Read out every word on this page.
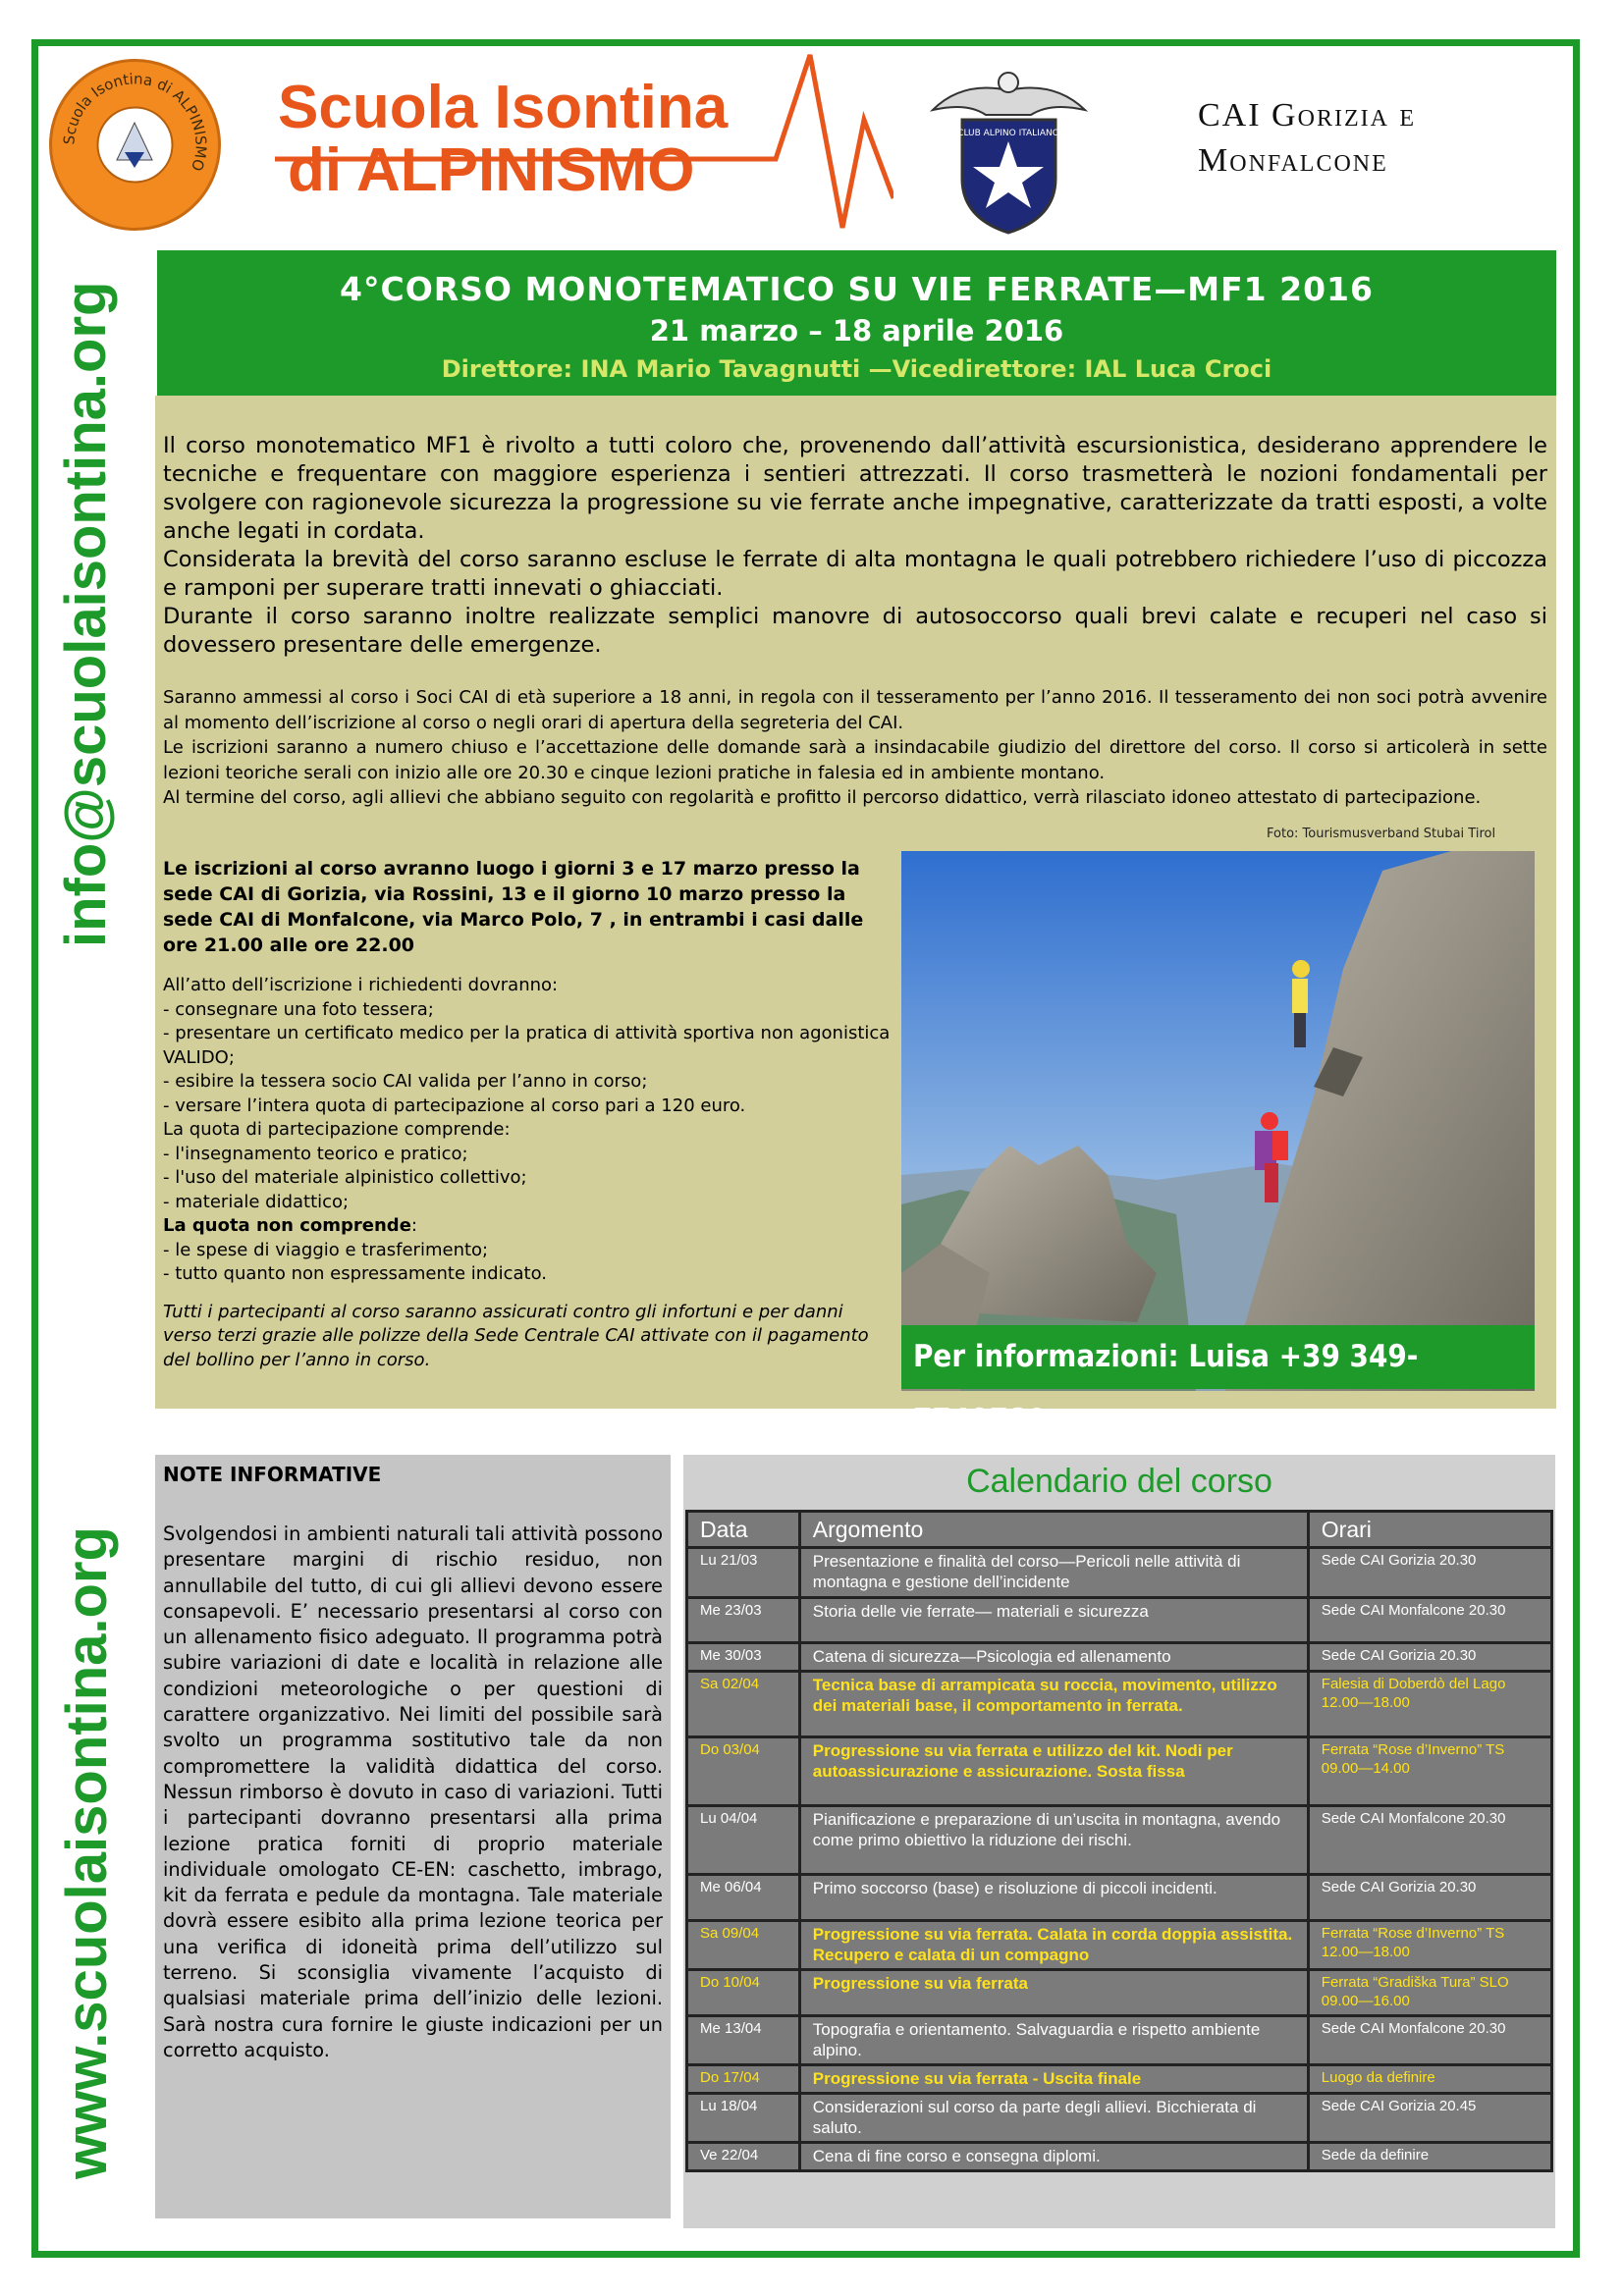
Scuola Isontina di ALPINISMO
Scuola Isontina
di ALPINISMO
CLUB ALPINO ITALIANO	CAI Gorizia e
Monfalcone
info@scuolaisontina.org
www.scuolaisontina.org
4°CORSO MONOTEMATICO SU VIE FERRATE—MF1 2016
21 marzo – 18 aprile 2016
Direttore: INA Mario Tavagnutti —Vicedirettore: IAL Luca Croci
Il corso monotematico MF1 è rivolto a tutti coloro che, provenendo dall’attività escursionistica, desiderano apprendere le tecniche e frequentare con maggiore esperienza i sentieri attrezzati. Il corso trasmetterà le nozioni fondamentali per svolgere con ragionevole sicurezza la progressione su vie ferrate anche impegnative, caratterizzate da tratti esposti, a volte anche legati in cordata.
Considerata la brevità del corso saranno escluse le ferrate di alta montagna le quali potrebbero richiedere l’uso di piccozza e ramponi per superare tratti innevati o ghiacciati.
Durante il corso saranno inoltre realizzate semplici manovre di autosoccorso quali brevi calate e recuperi nel caso si dovessero presentare delle emergenze.
Saranno ammessi al corso i Soci CAI di età superiore a 18 anni, in regola con il tesseramento per l’anno 2016. Il tesseramento dei non soci potrà avvenire al momento dell’iscrizione al corso o negli orari di apertura della segreteria del CAI.
Le iscrizioni saranno a numero chiuso e l’accettazione delle domande sarà a insindacabile giudizio del direttore del corso. Il corso si articolerà in sette lezioni teoriche serali con inizio alle ore 20.30 e cinque lezioni pratiche in falesia ed in ambiente montano.
Al termine del corso, agli allievi che abbiano seguito con regolarità e profitto il percorso didattico, verrà rilasciato idoneo attestato di partecipazione.
Foto: Tourismusverband Stubai Tirol
Le iscrizioni al corso avranno luogo i giorni 3 e 17 marzo presso la sede CAI di Gorizia, via Rossini, 13 e il giorno 10 marzo presso la sede CAI di Monfalcone, via Marco Polo, 7 , in entrambi i casi dalle ore 21.00 alle ore 22.00
All’atto dell’iscrizione i richiedenti dovranno:
- consegnare una foto tessera;
- presentare un certificato medico per la pratica di attività sportiva non agonistica VALIDO;
- esibire la tessera socio CAI valida per l’anno in corso;
- versare l’intera quota di partecipazione al corso pari a 120 euro.
La quota di partecipazione comprende:
- l'insegnamento teorico e pratico;
- l'uso del materiale alpinistico collettivo;
- materiale didattico;
La quota non comprende:
- le spese di viaggio e trasferimento;
- tutto quanto non espressamente indicato.
Tutti i partecipanti al corso saranno assicurati contro gli infortuni e per danni verso terzi grazie alle polizze della Sede Centrale CAI attivate con il pagamento del bollino per l’anno in corso.	Per informazioni: Luisa +39 349-7749780
NOTE INFORMATIVE

Svolgendosi in ambienti naturali tali attività possono presentare margini di rischio residuo, non annullabile del tutto, di cui gli allievi devono essere consapevoli. E’ necessario presentarsi al corso con un allenamento fisico adeguato. Il programma potrà subire variazioni di date e località in relazione alle condizioni meteorologiche o per questioni di carattere organizzativo. Nei limiti del possibile sarà svolto un programma sostitutivo tale da non compromettere la validità didattica del corso. Nessun rimborso è dovuto in caso di variazioni. Tutti i partecipanti dovranno presentarsi alla prima lezione pratica forniti di proprio materiale individuale omologato CE-EN: caschetto, imbrago, kit da ferrata e pedule da montagna. Tale materiale dovrà essere esibito alla prima lezione teorica per una verifica di idoneità prima dell’utilizzo sul terreno. Si sconsiglia vivamente l’acquisto di qualsiasi materiale prima dell’inizio delle lezioni. Sarà nostra cura fornire le giuste indicazioni per un corretto acquisto.

Calendario del corso
Data	Argomento	Orari
Lu 21/03	Presentazione e finalità del corso—Pericoli nelle attività di montagna e gestione dell’incidente	Sede CAI Gorizia 20.30
Me 23/03	Storia delle vie ferrate— materiali e sicurezza	Sede CAI Monfalcone 20.30
Me 30/03	Catena di sicurezza—Psicologia ed allenamento	Sede CAI Gorizia 20.30
Sa 02/04	Tecnica base di arrampicata su roccia, movimento, utilizzo dei materiali base, il comportamento in ferrata.	Falesia di Doberdò del Lago 12.00—18.00
Do 03/04	Progressione su via ferrata e utilizzo del kit. Nodi per autoassicurazione e assicurazione. Sosta fissa	Ferrata “Rose d’Inverno” TS 09.00—14.00
Lu 04/04	Pianificazione e preparazione di un’uscita in montagna, avendo come primo obiettivo la riduzione dei rischi.	Sede CAI Monfalcone 20.30
Me 06/04	Primo soccorso (base) e risoluzione di piccoli incidenti.	Sede CAI Gorizia 20.30
Sa 09/04	Progressione su via ferrata. Calata in corda doppia assistita. Recupero e calata di un compagno	Ferrata “Rose d’Inverno” TS 12.00—18.00
Do 10/04	Progressione su via ferrata	Ferrata “Gradiška Tura” SLO 09.00—16.00
Me 13/04	Topografia e orientamento. Salvaguardia e rispetto ambiente alpino.	Sede CAI Monfalcone 20.30
Do 17/04	Progressione su via ferrata - Uscita finale	Luogo da definire
Lu 18/04	Considerazioni sul corso da parte degli allievi. Bicchierata di saluto.	Sede CAI Gorizia 20.45
Ve 22/04	Cena di fine corso e consegna diplomi.	Sede da definire
